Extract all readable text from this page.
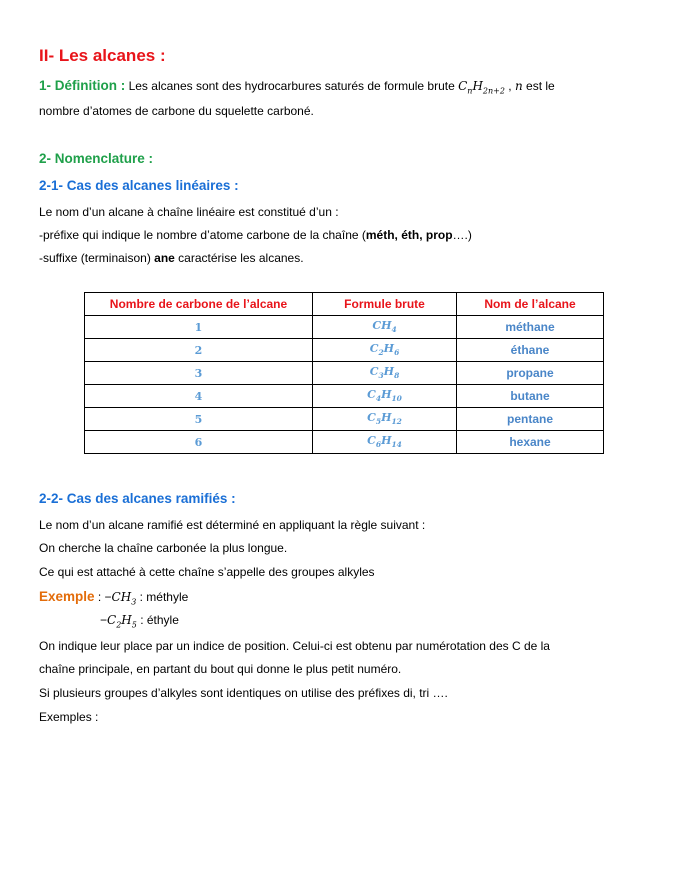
II- Les alcanes :
1- Définition : Les alcanes sont des hydrocarbures saturés de formule brute $C_nH_{2n+2}$ , n est le
nombre d’atomes de carbone du squelette carboné.
2- Nomenclature :
2-1- Cas des alcanes linéaires :
Le nom d’un alcane à chaîne linéaire est constitué d’un :
-préfixe qui indique le nombre d’atome carbone de la chaîne (méth, éth, prop….)
-suffixe (terminaison) ane caractérise les alcanes.
Nombre de carbone de l’alcane	Formule brute	Nom de l’alcane
1	$CH_4$	méthane
2	$C_2H_6$	éthane
3	$C_3H_8$	propane
4	$C_4H_{10}$	butane
5	$C_5H_{12}$	pentane
6	$C_6H_{14}$	hexane
2-2- Cas des alcanes ramifiés :
Le nom d’un alcane ramifié est déterminé en appliquant la règle suivant :
On cherche la chaîne carbonée la plus longue.
Ce qui est attaché à cette chaîne s’appelle des groupes alkyles
Exemple : $-CH_3$ : méthyle
$-C_2H_5$ : éthyle
On indique leur place par un indice de position. Celui-ci est obtenu par numérotation des C de la
chaîne principale, en partant du bout qui donne le plus petit numéro.
Si plusieurs groupes d’alkyles sont identiques on utilise des préfixes di, tri ….
Exemples :
